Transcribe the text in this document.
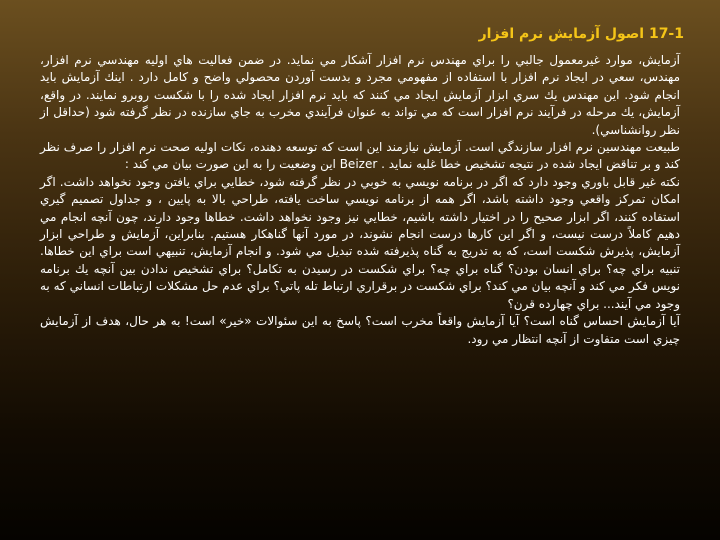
17-1 اصول آزمايش نرم افزار

آزمايش، موارد غيرمعمول جالبي را براي مهندس نرم افزار آشكار مي نمايد. در ضمن فعاليت هاي اوليه مهندسي نرم افزار، مهندس، سعي در ايجاد نرم افزار با استفاده از مفهومي مجرد و بدست آوردن محصولي واضح و كامل دارد . اينك آزمايش بايد انجام شود. اين مهندس يك سري ابزار آزمايش ايجاد مي كنند كه بايد نرم افزار ايجاد شده را با شكست روبرو نمايند. در واقع، آزمايش، يك مرحله در فرآيند نرم افزار است كه مي تواند به عنوان فرآيندي مخرب به جاي سازنده در نظر گرفته شود (حداقل از نظر روانشناسي).

طبيعت مهندسين نرم افزار سازندگي است. آزمايش نيازمند اين است كه توسعه دهنده، نكات اوليه صحت نرم افزار را صرف نظر كند و بر تناقض ايجاد شده در نتيجه تشخيص خطا غلبه نمايد . Beizer اين وضعيت را به اين صورت بيان مي كند :

نكته غير قابل باوري وجود دارد كه اگر در برنامه نويسي به خوبي در نظر گرفته شود، خطايي براي يافتن وجود نخواهد داشت. اگر امكان تمركز واقعي وجود داشته باشد، اگر همه از برنامه نويسي ساخت يافته، طراحي بالا به پايين ، و جداول تصميم گيري استفاده كنند، اگر ابزار صحيح را در اختيار داشته باشيم، خطايي نيز وجود نخواهد داشت. خطاها وجود دارند، چون آنچه انجام مي دهيم كاملاً درست نيست، و اگر اين كارها درست انجام نشوند، در مورد آنها گناهكار هستيم. بنابراين، آزمايش و طراحي ابزار آزمايش، پذيرش شكست است، كه به تدريج به گناه پذيرفته شده تبديل مي شود. و انجام آزمايش، تنبيهي است براي اين خطاها. تنبيه براي چه؟ براي انسان بودن؟ گناه براي چه؟ براي شكست در رسيدن به تكامل؟ براي تشخيص ندادن بين آنچه يك برنامه نويس فكر مي كند و آنچه بيان مي كند؟ براي شكست در برقراري ارتباط تله پاتي؟ براي عدم حل مشكلات ارتباطات انساني كه به وجود مي آيند... براي چهارده قرن؟

آيا آزمايش احساس گناه است؟ آيا آزمايش واقعاً مخرب است؟ پاسخ به اين سئوالات «خير» است! به هر حال، هدف از آزمايش چيزي است متفاوت از آنچه انتظار مي رود.
